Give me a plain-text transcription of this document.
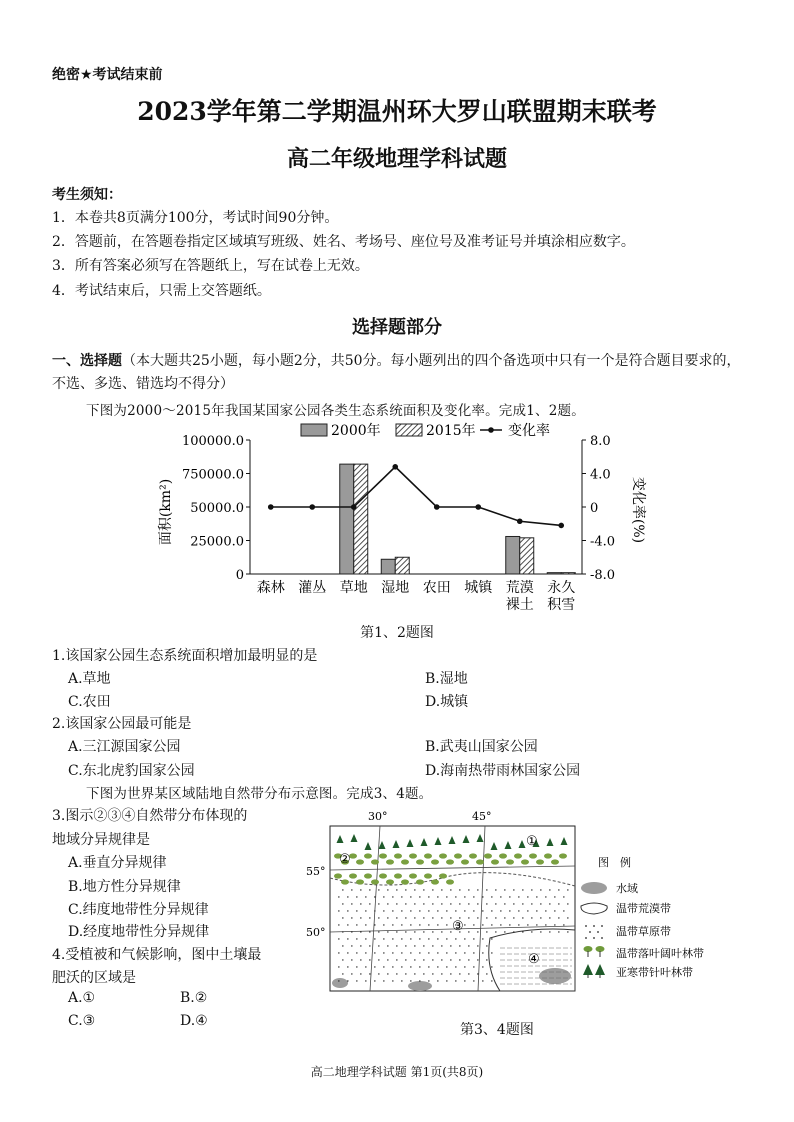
绝密★考试结束前
2023学年第二学期温州环大罗山联盟期末联考
高二年级地理学科试题
考生须知：
1．本卷共8页满分100分，考试时间90分钟。
2．答题前，在答题卷指定区域填写班级、姓名、考场号、座位号及准考证号并填涂相应数字。
3．所有答案必须写在答题纸上，写在试卷上无效。
4．考试结束后，只需上交答题纸。
选择题部分
一、选择题（本大题共25小题，每小题2分，共50分。每小题列出的四个备选项中只有一个是符合题目要求的，不选、多选、错选均不得分）
下图为2000～2015年我国某国家公园各类生态系统面积及变化率。完成1、2题。
2000年	2015年 变化率
0
25000.0
50000.0
750000.0
100000.0
-8.0
-4.0
0
4.0
8.0
森林 灌丛 草地 湿地 农田 城镇 荒漠
裸土
永久
积雪
面积(km²)	变化率(%)
第1、2题图
1.该国家公园生态系统面积增加最明显的是
A.草地	B.湿地
C.农田	D.城镇
2.该国家公园最可能是
A.三江源国家公园	B.武夷山国家公园
C.东北虎豹国家公园	D.海南热带雨林国家公园
下图为世界某区域陆地自然带分布示意图。完成3、4题。
3.图示②③④自然带分布体现的
地域分异规律是
A.垂直分异规律
B.地方性分异规律
C.纬度地带性分异规律
D.经度地带性分异规律
4.受植被和气候影响，图中土壤最
肥沃的区域是
A.①	B.②
C.③	D.④
30°	45°
55°
50°
①
②
③
④
图　例
水域
温带荒漠带
温带草原带
温带落叶阔叶林带
亚寒带针叶林带
第3、4题图
高二地理学科试题 第1页(共8页)
